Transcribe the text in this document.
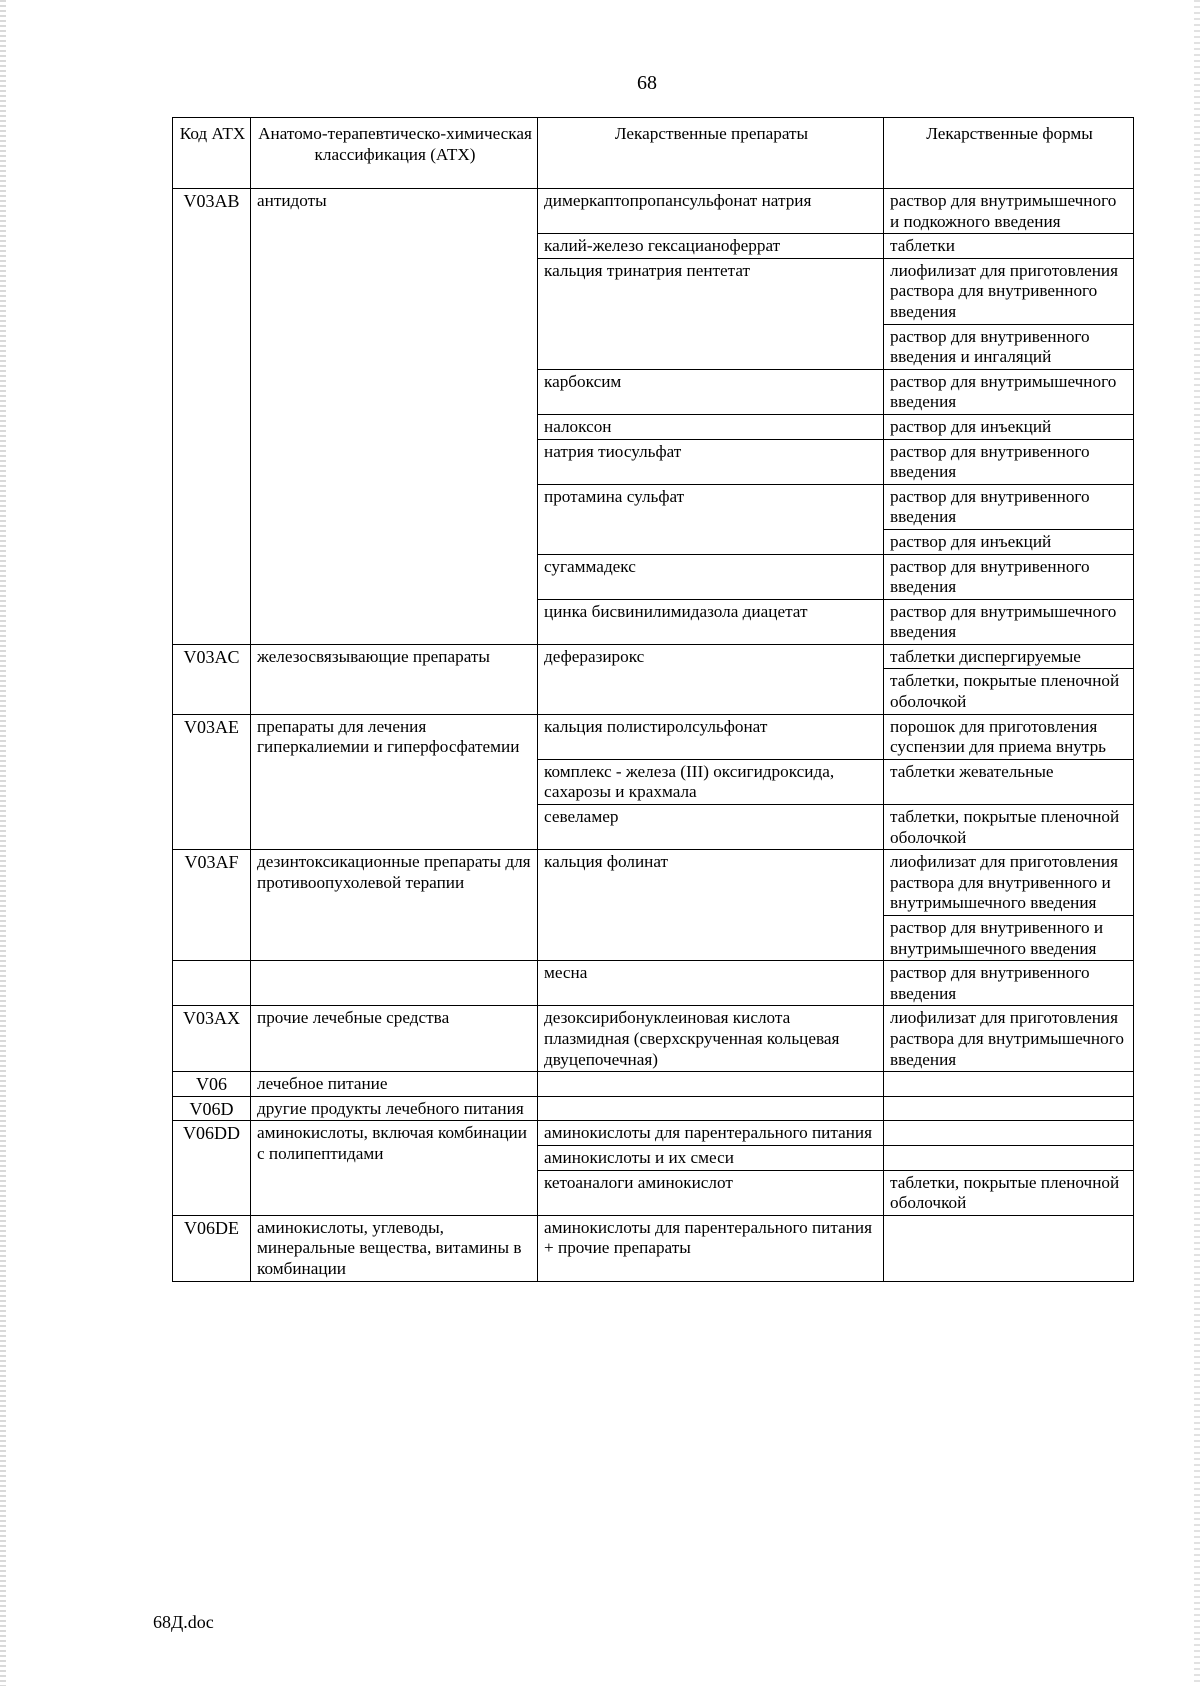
68
Код АТХ	Анатомо-терапевтическо-химическая классификация (АТХ)	Лекарственные препараты	Лекарственные формы
V03AB	антидоты	димеркаптопропансульфонат натрия	раствор для внутримышечного и подкожного введения
		калий-железо гексацианоферрат	таблетки
		кальция тринатрия пентетат	лиофилизат для приготовления раствора для внутривенного введения
			раствор для внутривенного введения и ингаляций
		карбоксим	раствор для внутримышечного введения
		налоксон	раствор для инъекций
		натрия тиосульфат	раствор для внутривенного введения
		протамина сульфат	раствор для внутривенного введения
			раствор для инъекций
		сугаммадекс	раствор для внутривенного введения
		цинка бисвинилимидазола диацетат	раствор для внутримышечного введения
V03AC	железосвязывающие препараты	деферазирокс	таблетки диспергируемые
			таблетки, покрытые пленочной оболочкой
V03AE	препараты для лечения гиперкалиемии и гиперфосфатемии	кальция полистиролсульфонат	порошок для приготовления суспензии для приема внутрь
		комплекс - железа (III) оксигидроксида, сахарозы и крахмала	таблетки жевательные
		севеламер	таблетки, покрытые пленочной оболочкой
V03AF	дезинтоксикационные препараты для противоопухолевой терапии	кальция фолинат	лиофилизат для приготовления раствора для внутривенного и внутримышечного введения
			раствор для внутривенного и внутримышечного введения
		месна	раствор для внутривенного введения
V03AX	прочие лечебные средства	дезоксирибонуклеиновая кислота плазмидная (сверхскрученная кольцевая двуцепочечная)	лиофилизат для приготовления раствора для внутримышечного введения
V06	лечебное питание		
V06D	другие продукты лечебного питания		
V06DD	аминокислоты, включая комбинации с полипептидами	аминокислоты для парентерального питания	
		аминокислоты и их смеси	
		кетоаналоги аминокислот	таблетки, покрытые пленочной оболочкой
V06DE	аминокислоты, углеводы, минеральные вещества, витамины в комбинации	аминокислоты для парентерального питания + прочие препараты	
68Д.doc
